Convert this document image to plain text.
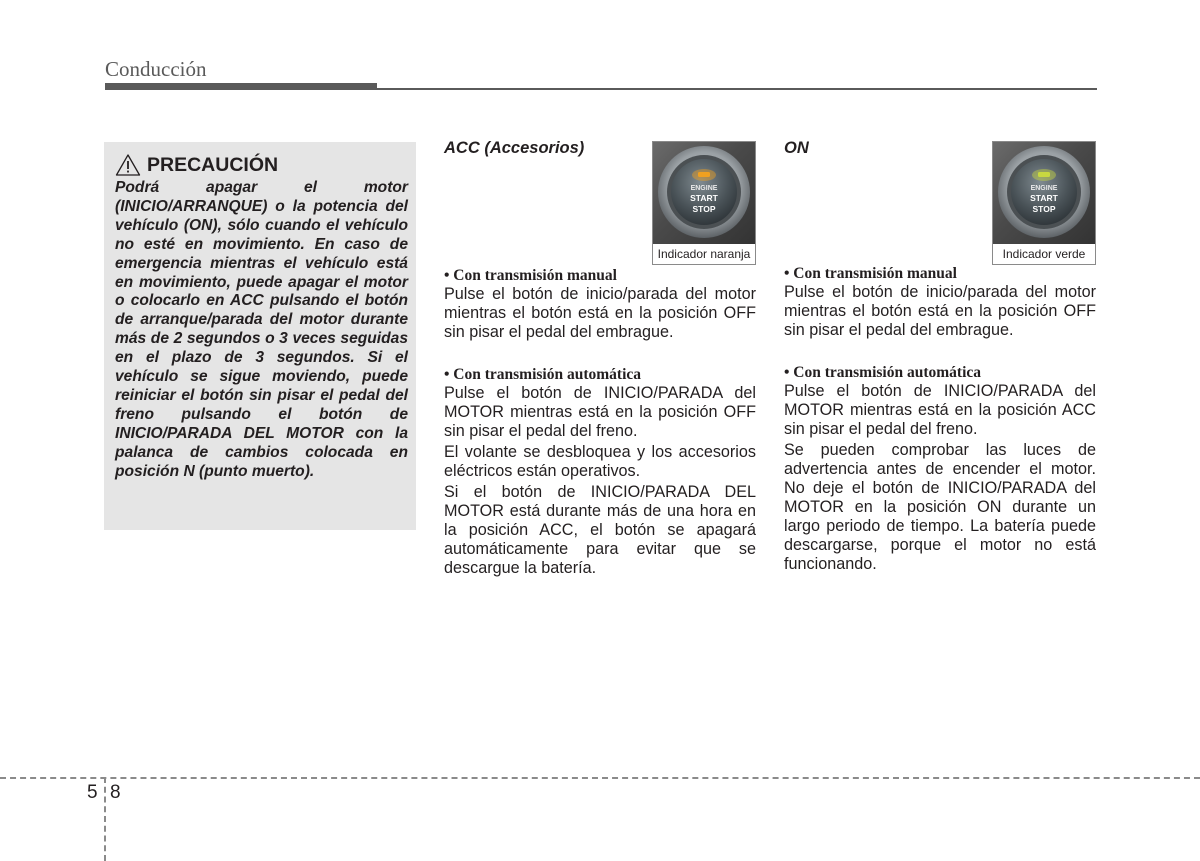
Conducción
PRECAUCIÓN

Podrá apagar el motor (INICIO/ARRANQUE) o la potencia del vehículo (ON), sólo cuando el vehículo no esté en movimiento. En caso de emergencia mientras el vehículo está en movimiento, puede apagar el motor o colocarlo en ACC pulsando el botón de arranque/parada del motor durante más de 2 segundos o 3 veces seguidas en el plazo de 3 segundos. Si el vehículo se sigue moviendo, puede reiniciar el botón sin pisar el pedal del freno pulsando el botón de INICIO/PARADA DEL MOTOR con la palanca de cambios colocada en posición N (punto muerto).

ACC (Accesorios)
ENGINE
START
STOP
Indicador naranja
• Con transmisión manual

Pulse el botón de inicio/parada del motor mientras el botón está en la posición OFF sin pisar el pedal del embrague.

• Con transmisión automática

Pulse el botón de INICIO/PARADA del MOTOR mientras está en la posición OFF sin pisar el pedal del freno.

El volante se desbloquea y los accesorios eléctricos están operativos.

Si el botón de INICIO/PARADA DEL MOTOR está durante más de una hora en la posición ACC, el botón se apagará automáticamente para evitar que se descargue la batería.

ON
ENGINE
START
STOP
Indicador verde
• Con transmisión manual

Pulse el botón de inicio/parada del motor mientras el botón está en la posición OFF sin pisar el pedal del embrague.

• Con transmisión automática

Pulse el botón de INICIO/PARADA del MOTOR mientras está en la posición ACC sin pisar el pedal del freno.

Se pueden comprobar las luces de advertencia antes de encender el motor. No deje el botón de INICIO/PARADA del MOTOR en la posición ON durante un largo periodo de tiempo. La batería puede descargarse, porque el motor no está funcionando.

5 8
